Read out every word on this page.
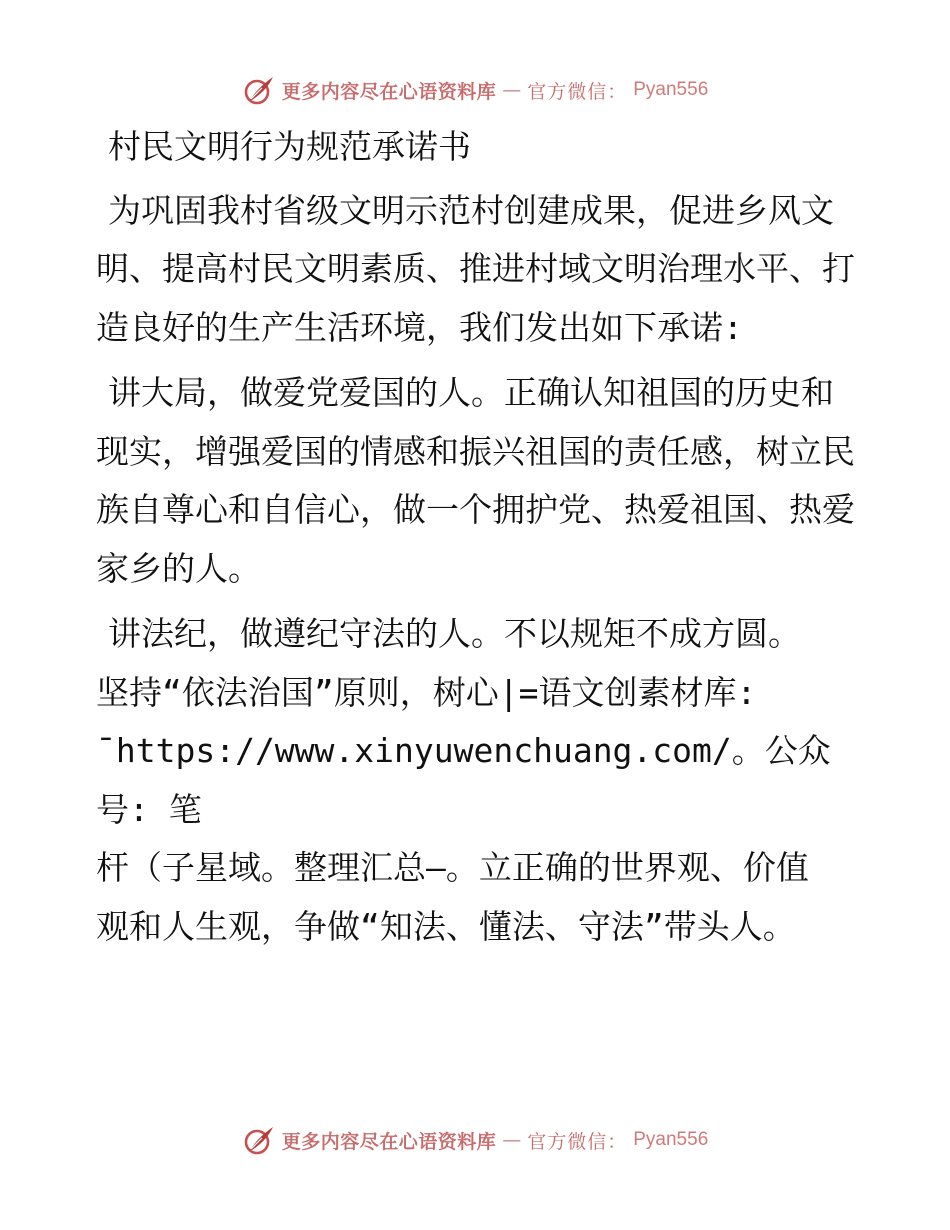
更多内容尽在心语资料库 — 官方微信： Pyan556
村民文明行为规范承诺书
为巩固我村省级文明示范村创建成果，促进乡风文明、提高村民文明素质、推进村域文明治理水平、打造良好的生产生活环境，我们发出如下承诺:
讲大局，做爱党爱国的人。正确认知祖国的历史和现实，增强爱国的情感和振兴祖国的责任感，树立民族自尊心和自信心，做一个拥护党、热爱祖国、热爱家乡的人。
讲法纪，做遵纪守法的人。不以规矩不成方圆。
坚持“依法治国”原则，树心|=语文创素材库:
¯https://www.xinyuwenchuang.com/。公众号: 笔
杆（子星域。整理汇总—。立正确的世界观、价值
观和人生观，争做“知法、懂法、守法”带头人。
更多内容尽在心语资料库 — 官方微信： Pyan556
